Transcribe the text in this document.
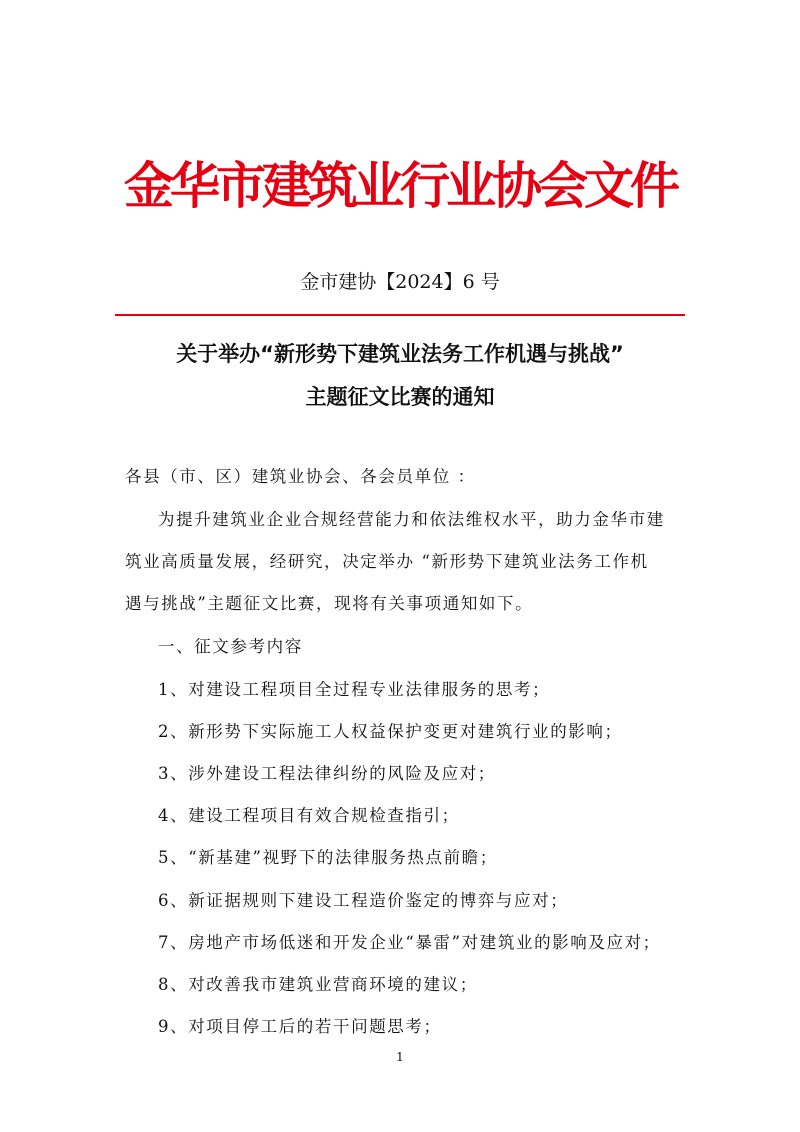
金华市建筑业行业协会文件
金市建协【2024】6 号
关于举办“新形势下建筑业法务工作机遇与挑战”
主题征文比赛的通知
各县（市、区）建筑业协会、各会员单位 ：
为提升建筑业企业合规经营能力和依法维权水平，助力金华市建
筑业高质量发展，经研究，决定举办 “新形势下建筑业法务工作机
遇与挑战”主题征文比赛，现将有关事项通知如下。
一、征文参考内容
1、对建设工程项目全过程专业法律服务的思考；
2、新形势下实际施工人权益保护变更对建筑行业的影响；
3、涉外建设工程法律纠纷的风险及应对；
4、建设工程项目有效合规检查指引；
5、“新基建”视野下的法律服务热点前瞻；
6、新证据规则下建设工程造价鉴定的博弈与应对；
7、房地产市场低迷和开发企业“暴雷”对建筑业的影响及应对；
8、对改善我市建筑业营商环境的建议；
9、对项目停工后的若干问题思考；
1
